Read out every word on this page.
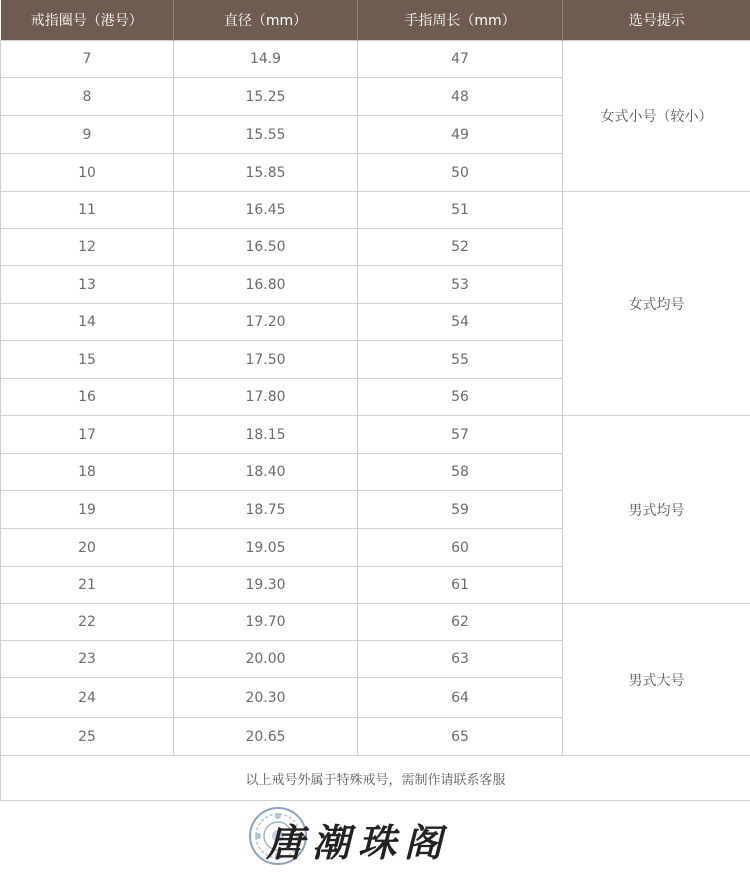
戒指圈号（港号）	直径（mm）	手指周长（mm）	选号提示
7	14.9	47	女式小号（较小）
8	15.25	48	
9	15.55	49	
10	15.85	50	
11	16.45	51	女式均号
12	16.50	52	
13	16.80	53	
14	17.20	54	
15	17.50	55	
16	17.80	56	
17	18.15	57	男式均号
18	18.40	58	
19	18.75	59	
20	19.05	60	
21	19.30	61	
22	19.70	62	男式大号
23	20.00	63	
24	20.30	64	
25	20.65	65	
以上戒号外属于特殊戒号，需制作请联系客服			
唐潮珠阁
